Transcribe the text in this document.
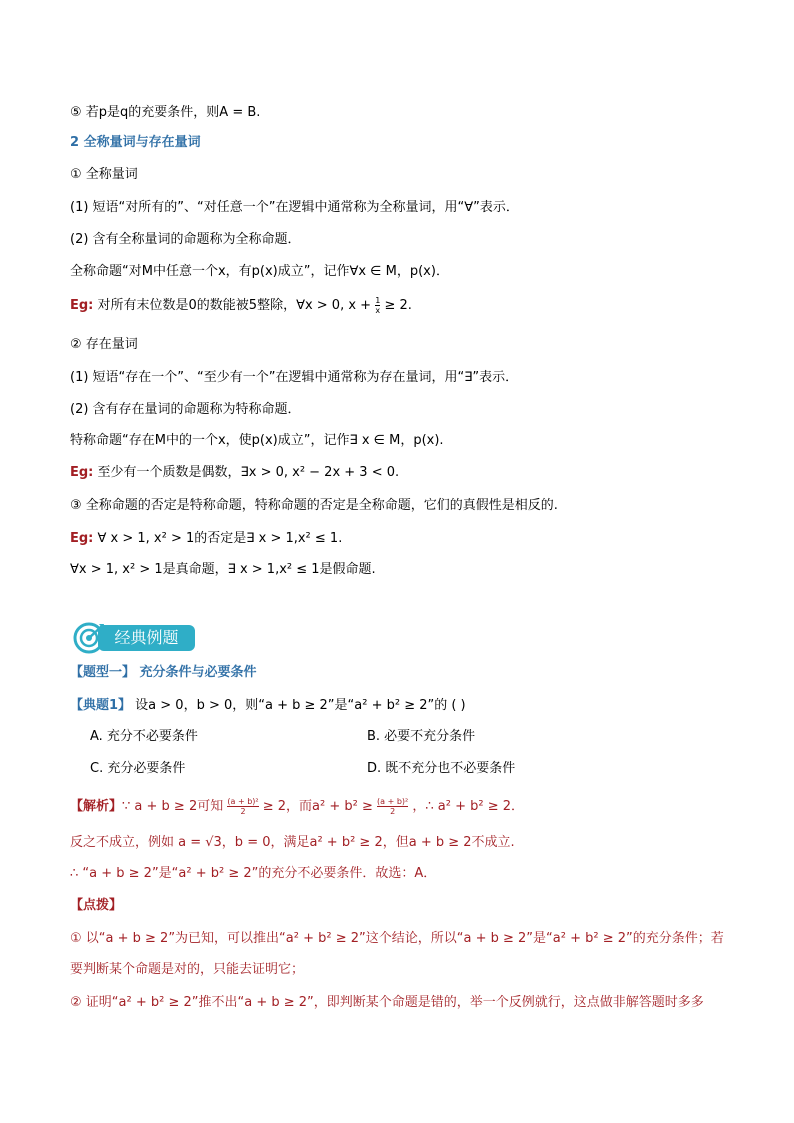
⑤ 若p是q的充要条件，则A = B.
2 全称量词与存在量词
① 全称量词
(1) 短语“对所有的”、“对任意一个”在逻辑中通常称为全称量词，用“∀”表示．
(2) 含有全称量词的命题称为全称命题．
全称命题“对M中任意一个x，有p(x)成立”，记作∀x ∈ M，p(x)．
Eg: 对所有末位数是0的数能被5整除，∀x > 0, $x + \frac{1}{x} \ge 2$.
② 存在量词
(1) 短语“存在一个”、“至少有一个”在逻辑中通常称为存在量词，用“∃”表示．
(2) 含有存在量词的命题称为特称命题．
特称命题“存在M中的一个x，使p(x)成立”，记作∃ x ∈ M，p(x).
Eg: 至少有一个质数是偶数，∃x > 0, x² − 2x + 3 < 0.
③ 全称命题的否定是特称命题，特称命题的否定是全称命题，它们的真假性是相反的.
Eg: ∀ x > 1, x² > 1的否定是∃ x > 1,x² ≤ 1.
∀x > 1, x² > 1是真命题，∃ x > 1,x² ≤ 1是假命题.
经典例题
【题型一】 充分条件与必要条件
【典题1】 设a > 0，b > 0，则“a + b ≥ 2”是“a² + b² ≥ 2”的 ( )
A. 充分不必要条件	B. 必要不充分条件
C. 充分必要条件	D. 既不充分也不必要条件
【解析】∵ a + b ≥ 2可知 $\frac{\text{(a + b)²}}{2} \ge 2$，而$a^2 + b^2 \ge \frac{\text{(a + b)²}}{2}$ ，∴ a² + b² ≥ 2．
反之不成立，例如 a = √3，b = 0，满足a² + b² ≥ 2，但a + b ≥ 2不成立.
∴ “a + b ≥ 2”是“a² + b² ≥ 2”的充分不必要条件．故选：A．
【点拨】
① 以“a + b ≥ 2”为已知，可以推出“a² + b² ≥ 2”这个结论，所以“a + b ≥ 2”是“a² + b² ≥ 2”的充分条件；若
要判断某个命题是对的，只能去证明它；
② 证明“a² + b² ≥ 2”推不出“a + b ≥ 2”，即判断某个命题是错的，举一个反例就行，这点做非解答题时多多
